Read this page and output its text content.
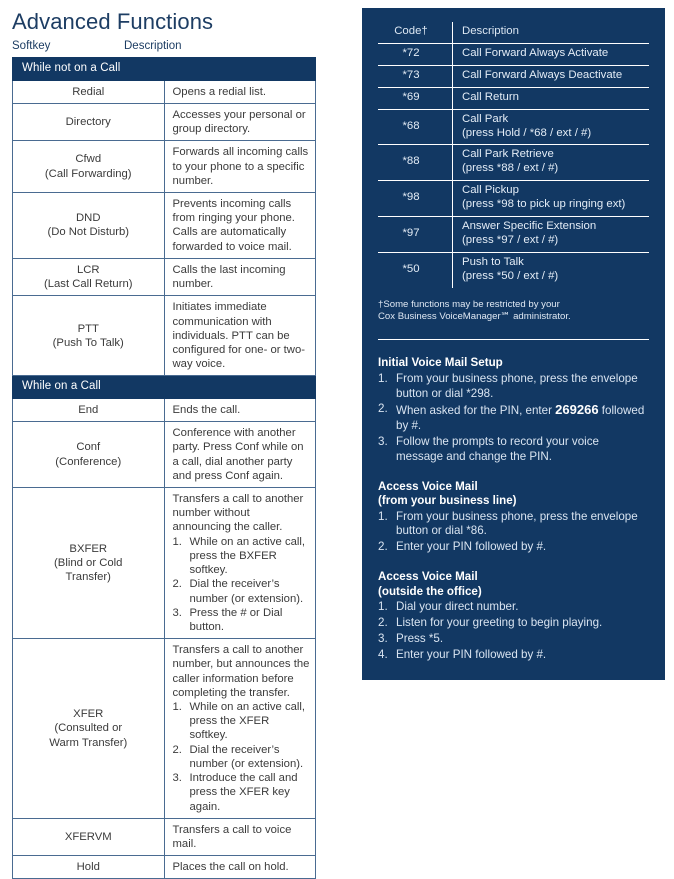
Advanced Functions
Softkey	Description
While not on a Call	

Redial	Opens a redial list.

Directory	Accesses your personal or group directory.

Cfwd
(Call Forwarding)	Forwards all incoming calls to your phone to a specific number.

DND
(Do Not Disturb)	Prevents incoming calls from ringing your phone. Calls are automatically forwarded to voice mail.

LCR
(Last Call Return)	Calls the last incoming number.

PTT
(Push To Talk)	Initiates immediate communication with individuals. PTT can be configured for one- or two-way voice.
While on a Call	

End	Ends the call.

Conf
(Conference)	Conference with another party. Press Conf while on a call, dial another party and press Conf again.

BXFER
(Blind or Cold
Transfer)
	Transfers a call to another number without announcing the caller.
1. While on an active call, press the BXFER softkey.
2. Dial the receiver’s number (or extension).
3. Press the # or Dial button.

XFER
(Consulted or
Warm Transfer)
	Transfers a call to another number, but announces the caller information before completing the transfer.
1. While on an active call, press the XFER softkey.
2. Dial the receiver’s number (or extension).
3. Introduce the call and press the XFER key again.

XFERVM	Transfers a call to voice mail.

Hold	Places the call on hold.
Code†	Description
*72	Call Forward Always Activate
*73	Call Forward Always Deactivate
*69	Call Return
*68	Call Park
(press Hold / *68 / ext / #)

*88	Call Park Retrieve
(press *88 / ext / #)

*98	Call Pickup
(press *98 to pick up ringing ext)

*97	Answer Specific Extension
(press *97 / ext / #)

*50	Push to Talk
(press *50 / ext / #)
†Some functions may be restricted by your
Cox Business VoiceManager℠ administrator.
Initial Voice Mail Setup
1. From your business phone, press the envelope button or dial *298.
2. When asked for the PIN, enter 269266 followed by #.
3. Follow the prompts to record your voice message and change the PIN.
Access Voice Mail
(from your business line)
1. From your business phone, press the envelope button or dial *86.
2. Enter your PIN followed by #.
Access Voice Mail
(outside the office)
1. Dial your direct number.
2. Listen for your greeting to begin playing.
3. Press *5.
4. Enter your PIN followed by #.
